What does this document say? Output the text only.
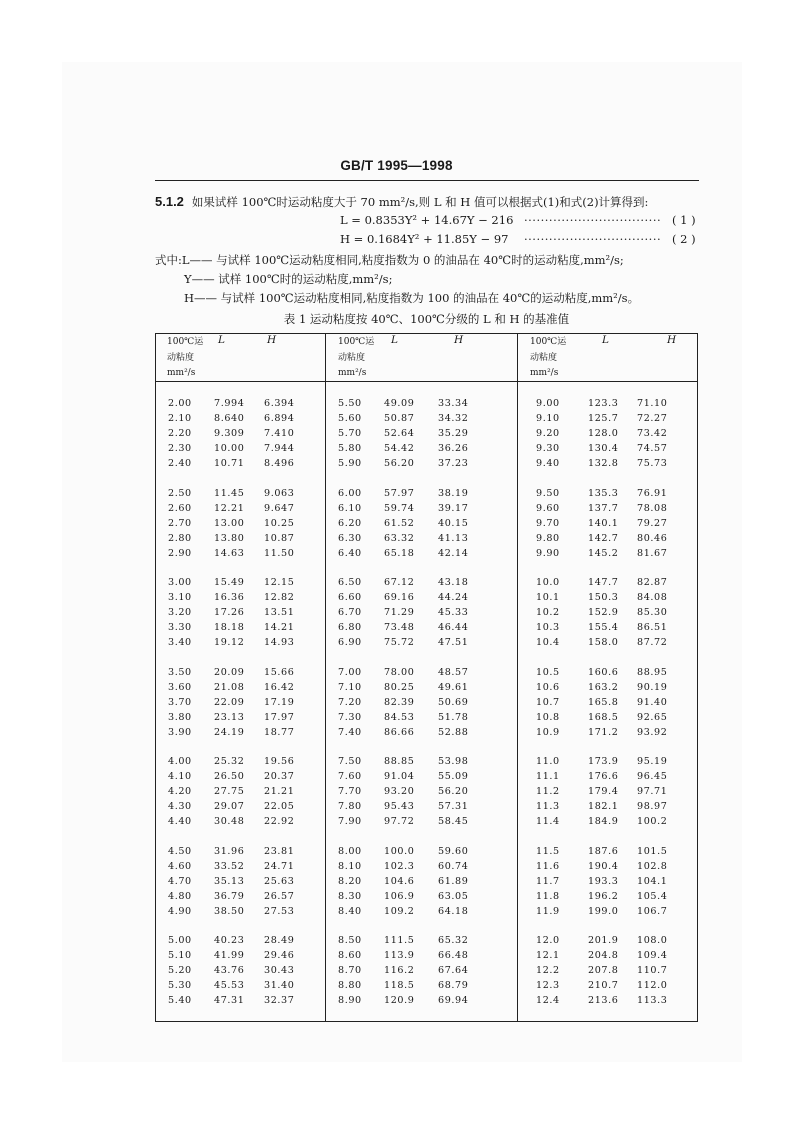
GB/T 1995—1998
5.1.2 如果试样 100℃时运动粘度大于 70 mm²/s,则 L 和 H 值可以根据式(1)和式(2)计算得到:
L = 0.8353Y² + 14.67Y − 216 ································· ( 1 )
H = 0.1684Y² + 11.85Y − 97 ································· ( 2 )
式中:L—— 与试样 100℃运动粘度相同,粘度指数为 0 的油品在 40℃时的运动粘度,mm²/s;
Y—— 试样 100℃时的运动粘度,mm²/s;
H—— 与试样 100℃运动粘度相同,粘度指数为 100 的油品在 40℃的运动粘度,mm²/s。
表 1 运动粘度按 40℃、100℃分级的 L 和 H 的基准值
100℃运
动粘度
mm²/s
L	H
2.00 7.994 6.394
2.10 8.640 6.894
2.20 9.309 7.410
2.30 10.00 7.944
2.40 10.71 8.496
2.50 11.45 9.063
2.60 12.21 9.647
2.70 13.00 10.25
2.80 13.80 10.87
2.90 14.63 11.50
3.00 15.49 12.15
3.10 16.36 12.82
3.20 17.26 13.51
3.30 18.18 14.21
3.40 19.12 14.93
3.50 20.09 15.66
3.60 21.08 16.42
3.70 22.09 17.19
3.80 23.13 17.97
3.90 24.19 18.77
4.00 25.32 19.56
4.10 26.50 20.37
4.20 27.75 21.21
4.30 29.07 22.05
4.40 30.48 22.92
4.50 31.96 23.81
4.60 33.52 24.71
4.70 35.13 25.63
4.80 36.79 26.57
4.90 38.50 27.53
5.00 40.23 28.49
5.10 41.99 29.46
5.20 43.76 30.43
5.30 45.53 31.40
5.40 47.31 32.37
100℃运
动粘度
mm²/s
L	H
5.50 49.09 33.34
5.60 50.87 34.32
5.70 52.64 35.29
5.80 54.42 36.26
5.90 56.20 37.23
6.00 57.97 38.19
6.10 59.74 39.17
6.20 61.52 40.15
6.30 63.32 41.13
6.40 65.18 42.14
6.50 67.12 43.18
6.60 69.16 44.24
6.70 71.29 45.33
6.80 73.48 46.44
6.90 75.72 47.51
7.00 78.00 48.57
7.10 80.25 49.61
7.20 82.39 50.69
7.30 84.53 51.78
7.40 86.66 52.88
7.50 88.85 53.98
7.60 91.04 55.09
7.70 93.20 56.20
7.80 95.43 57.31
7.90 97.72 58.45
8.00 100.0 59.60
8.10 102.3 60.74
8.20 104.6 61.89
8.30 106.9 63.05
8.40 109.2 64.18
8.50 111.5 65.32
8.60 113.9 66.48
8.70 116.2 67.64
8.80 118.5 68.79
8.90 120.9 69.94
100℃运
动粘度
mm²/s
L	H
9.00	123.3 71.10
9.10	125.7 72.27
9.20	128.0 73.42
9.30	130.4 74.57
9.40	132.8 75.73
9.50	135.3 76.91
9.60	137.7 78.08
9.70	140.1 79.27
9.80	142.7 80.46
9.90	145.2 81.67
10.0	147.7 82.87
10.1	150.3 84.08
10.2	152.9 85.30
10.3	155.4 86.51
10.4	158.0 87.72
10.5	160.6 88.95
10.6	163.2 90.19
10.7	165.8 91.40
10.8	168.5 92.65
10.9	171.2 93.92
11.0	173.9 95.19
11.1	176.6 96.45
11.2	179.4 97.71
11.3	182.1 98.97
11.4	184.9 100.2
11.5	187.6 101.5
11.6	190.4 102.8
11.7	193.3 104.1
11.8	196.2 105.4
11.9	199.0 106.7
12.0	201.9 108.0
12.1	204.8 109.4
12.2	207.8 110.7
12.3	210.7 112.0
12.4	213.6 113.3
